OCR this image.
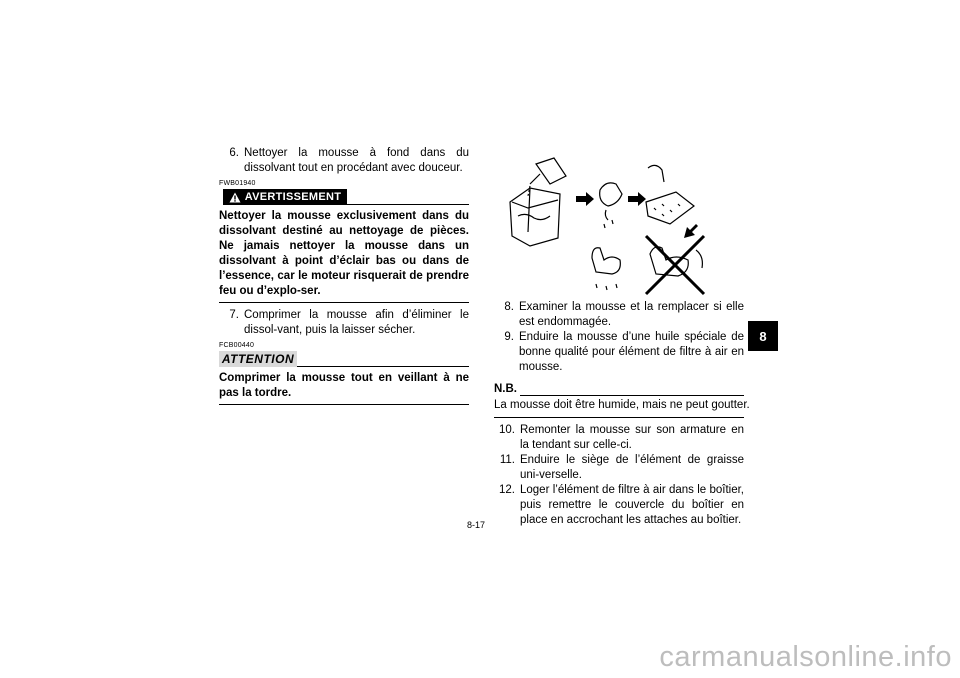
6. Nettoyer la mousse à fond dans du dissolvant tout en procédant avec douceur.
FWB01940
AVERTISSEMENT
Nettoyer la mousse exclusivement dans du dissolvant destiné au nettoyage de pièces. Ne jamais nettoyer la mousse dans un dissolvant à point d’éclair bas ou dans de l’essence, car le moteur risquerait de prendre feu ou d’explo-ser.
7. Comprimer la mousse afin d’éliminer le dissol-vant, puis la laisser sécher.
FCB00440
ATTENTION
Comprimer la mousse tout en veillant à ne pas la tordre.
8. Examiner la mousse et la remplacer si elle est endommagée.
9. Enduire la mousse d’une huile spéciale de bonne qualité pour élément de filtre à air en mousse.
N.B.
La mousse doit être humide, mais ne peut goutter.
10. Remonter la mousse sur son armature en la tendant sur celle-ci.
11. Enduire le siège de l’élément de graisse uni-verselle.
12. Loger l’élément de filtre à air dans le boîtier, puis remettre le couvercle du boîtier en place en accrochant les attaches au boîtier.
8-17
8
carmanualsonline.info
